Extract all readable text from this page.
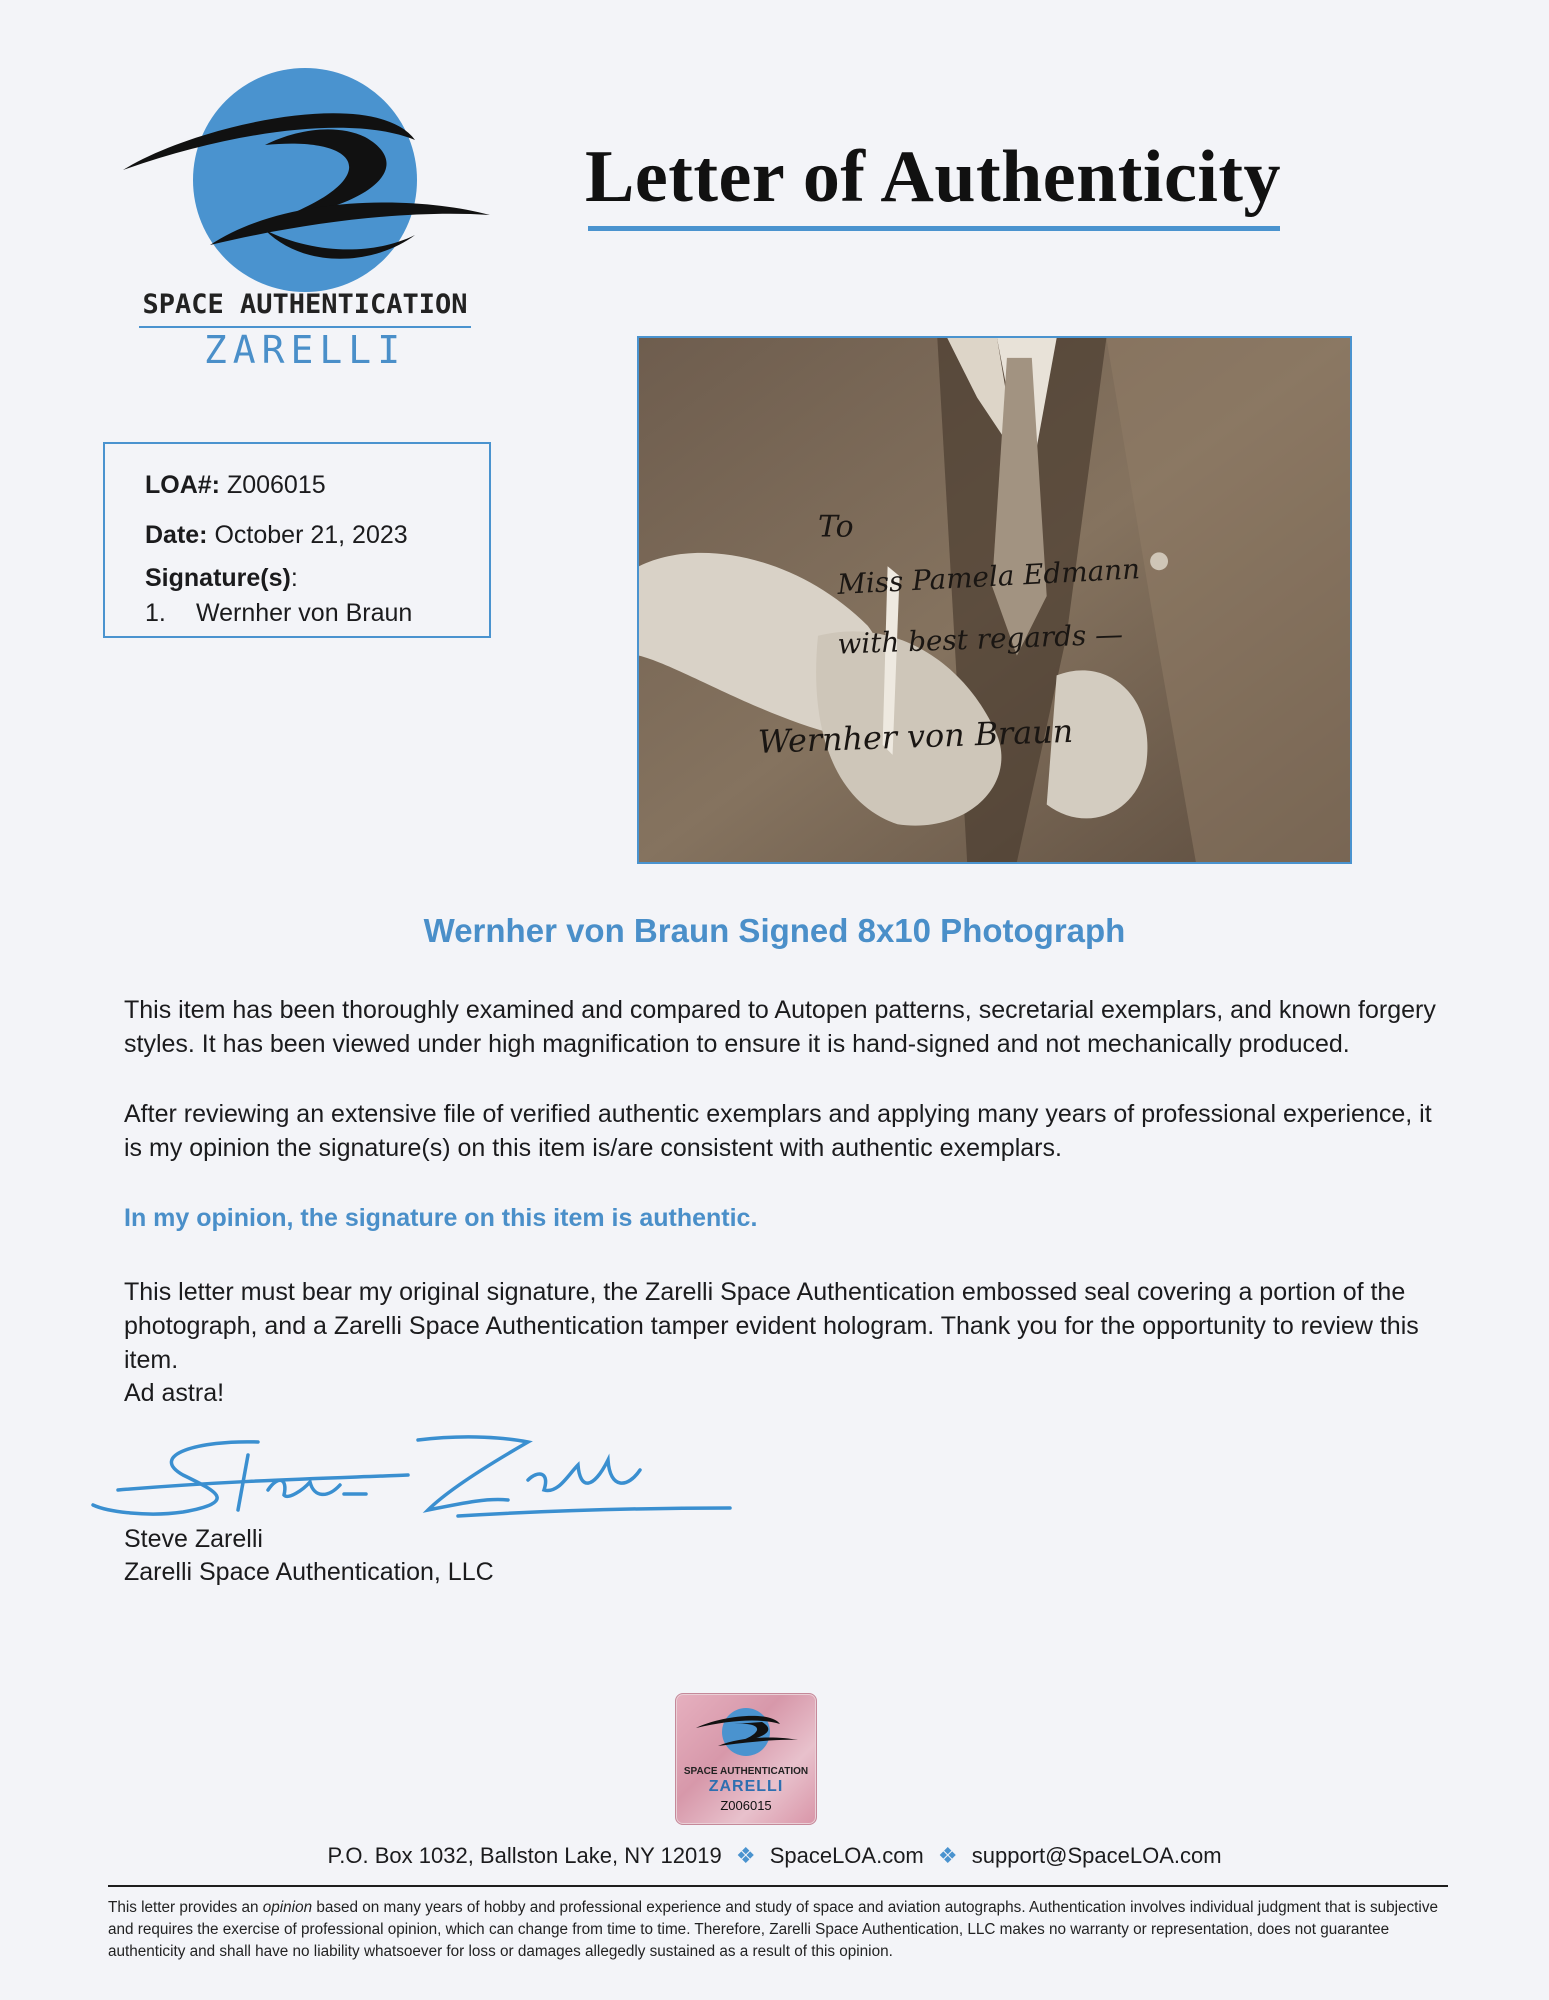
SPACE AUTHENTICATION
ZARELLI
Letter of Authenticity
LOA#: Z006015
Date: October 21, 2023
Signature(s):
1. Wernher von Braun
To
Miss Pamela Edmann
with best regards —
Wernher von Braun
Wernher von Braun Signed 8x10 Photograph
This item has been thoroughly examined and compared to Autopen patterns, secretarial exemplars, and known forgery styles. It has been viewed under high magnification to ensure it is hand-signed and not mechanically produced.
After reviewing an extensive file of verified authentic exemplars and applying many years of professional experience, it is my opinion the signature(s) on this item is/are consistent with authentic exemplars.
In my opinion, the signature on this item is authentic.
This letter must bear my original signature, the Zarelli Space Authentication embossed seal covering a portion of the photograph, and a Zarelli Space Authentication tamper evident hologram. Thank you for the opportunity to review this item.
Ad astra!
Steve Zarelli
Zarelli Space Authentication, LLC
SPACE AUTHENTICATION
ZARELLI
Z006015
P.O. Box 1032, Ballston Lake, NY 12019 ❖ SpaceLOA.com ❖ support@SpaceLOA.com
This letter provides an opinion based on many years of hobby and professional experience and study of space and aviation autographs. Authentication involves individual judgment that is subjective and requires the exercise of professional opinion, which can change from time to time. Therefore, Zarelli Space Authentication, LLC makes no warranty or representation, does not guarantee authenticity and shall have no liability whatsoever for loss or damages allegedly sustained as a result of this opinion.
